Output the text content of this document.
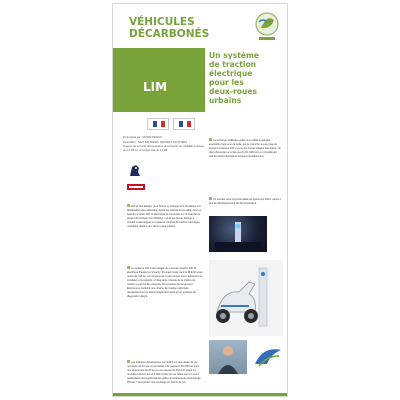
VÉHICULES
DÉCARBONÉS
LIM
Un système
de traction
électrique
pour les
deux-roues
urbains

Projet piloté par : ROVER DESIGN

Partenaires : SAFT BATTERIES, PEUGEOT SCOOTERS

Financé par le Fonds démonstrateur de recherche de l'ADEME à hauteur de 1,3 M€ sur un budget total de 2,7 M€

LIM et des leaders pour freiner le changement climatique est Mobilisation des véhicules. Après les calculs et les rallos c'est ou bout du scooter 100 % électrique de s'imposer sur le marché ce projet LIM (Lithium Ion Mobility), mené par Rover Design a conduit à développer un système complet de traction électrique modulaire destiné aux deux-roues urbains.
Le système LIM a été intégré au nouveau scooter 100 % électrique Peugeot e-Vivacity. Pouvant rouler de 0 à 45 km/h avec moins de 115 kg, son ergonomie a été conçue pour l'agrément de conduite et la sécurité. L'intégration réussie de la chaîne de traction a permis de préserver les espaces de rangement. Électroux à combiné une chaîne de traction optimisée, mécaniquement et électroniquement ainsi qu'un système de diagnostic intégré.
La recharge s'effectue grâce à un câble à spirales extensible logé sous la selle, qui se branche à une prise de courant classique 220 V ou à une borne urbaine électrique. Un plein d'énergie ne coûte que 0,4 € (100 km) en considérant que les tarifs électriques évoluent sensiblement.
Ce scooter sera commercialisé au printemps 2012, après 2 ans de développement du démonstrateur.
Les batteries développées par SAFT ont une durée de vie nominale de 10 ans et permettent de parcourir 60 000 km avec une autonomie de 60 km à une vitesse de 45 km/h grâce à 2 modules Lithium-Ion et 1 000 cycles de vie. Elles sont en outre particulièrement performantes grâce à la batterie de technologie Phéver 7 permettant une recharge en moins de 4 h.
